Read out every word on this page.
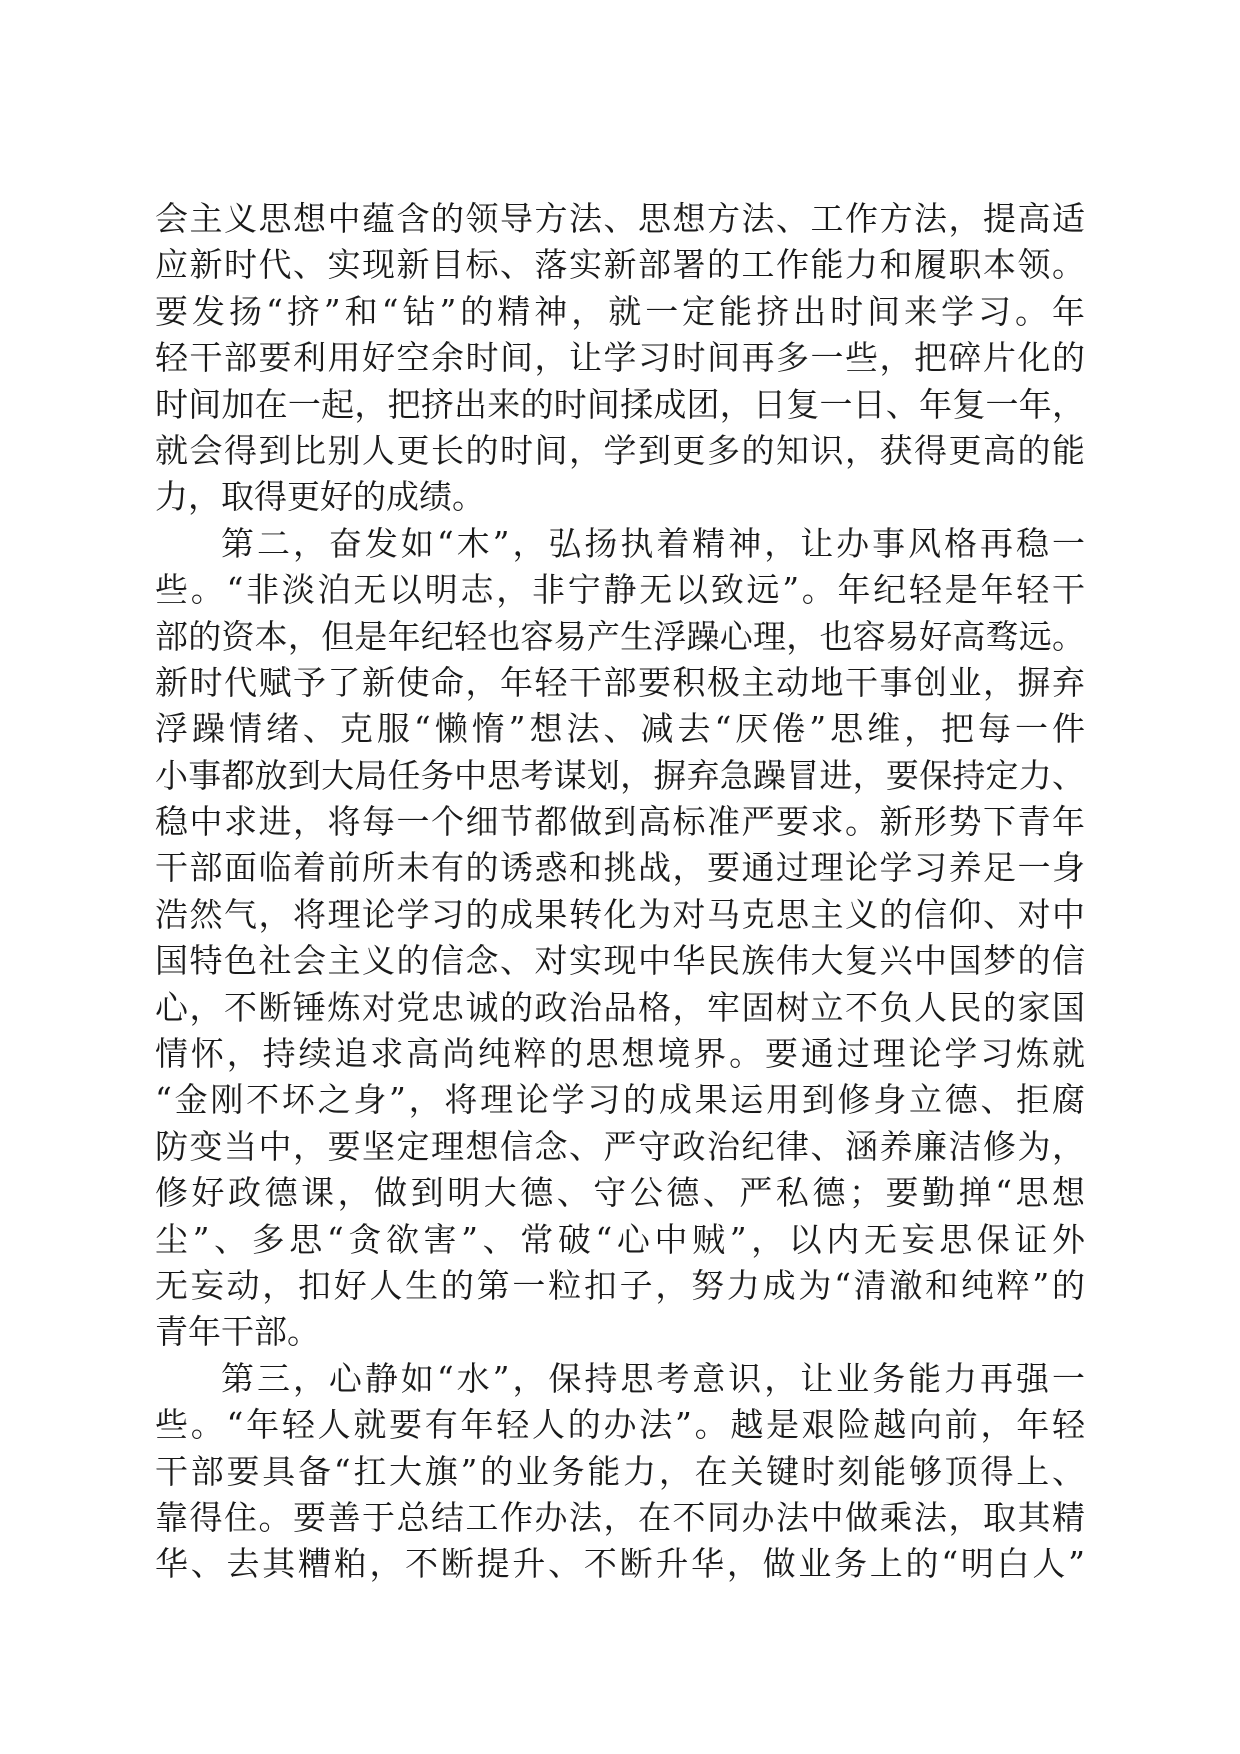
会主义思想中蕴含的领导方法、思想方法、工作方法，提高适
应新时代、实现新目标、落实新部署的工作能力和履职本领。
要发扬“挤”和“钻”的精神，就一定能挤出时间来学习。年
轻干部要利用好空余时间，让学习时间再多一些，把碎片化的
时间加在一起，把挤出来的时间揉成团，日复一日、年复一年，
就会得到比别人更长的时间，学到更多的知识，获得更高的能
力，取得更好的成绩。
第二，奋发如“木”，弘扬执着精神，让办事风格再稳一
些。“非淡泊无以明志，非宁静无以致远”。年纪轻是年轻干
部的资本，但是年纪轻也容易产生浮躁心理，也容易好高骛远。
新时代赋予了新使命，年轻干部要积极主动地干事创业，摒弃
浮躁情绪、克服“懒惰”想法、减去“厌倦”思维，把每一件
小事都放到大局任务中思考谋划，摒弃急躁冒进，要保持定力、
稳中求进，将每一个细节都做到高标准严要求。新形势下青年
干部面临着前所未有的诱惑和挑战，要通过理论学习养足一身
浩然气，将理论学习的成果转化为对马克思主义的信仰、对中
国特色社会主义的信念、对实现中华民族伟大复兴中国梦的信
心，不断锤炼对党忠诚的政治品格，牢固树立不负人民的家国
情怀，持续追求高尚纯粹的思想境界。要通过理论学习炼就
“金刚不坏之身”，将理论学习的成果运用到修身立德、拒腐
防变当中，要坚定理想信念、严守政治纪律、涵养廉洁修为，
修好政德课，做到明大德、守公德、严私德；要勤掸“思想
尘”、多思“贪欲害”、常破“心中贼”，以内无妄思保证外
无妄动，扣好人生的第一粒扣子，努力成为“清澈和纯粹”的
青年干部。
第三，心静如“水”，保持思考意识，让业务能力再强一
些。“年轻人就要有年轻人的办法”。越是艰险越向前，年轻
干部要具备“扛大旗”的业务能力，在关键时刻能够顶得上、
靠得住。要善于总结工作办法，在不同办法中做乘法，取其精
华、去其糟粕，不断提升、不断升华，做业务上的“明白人”
